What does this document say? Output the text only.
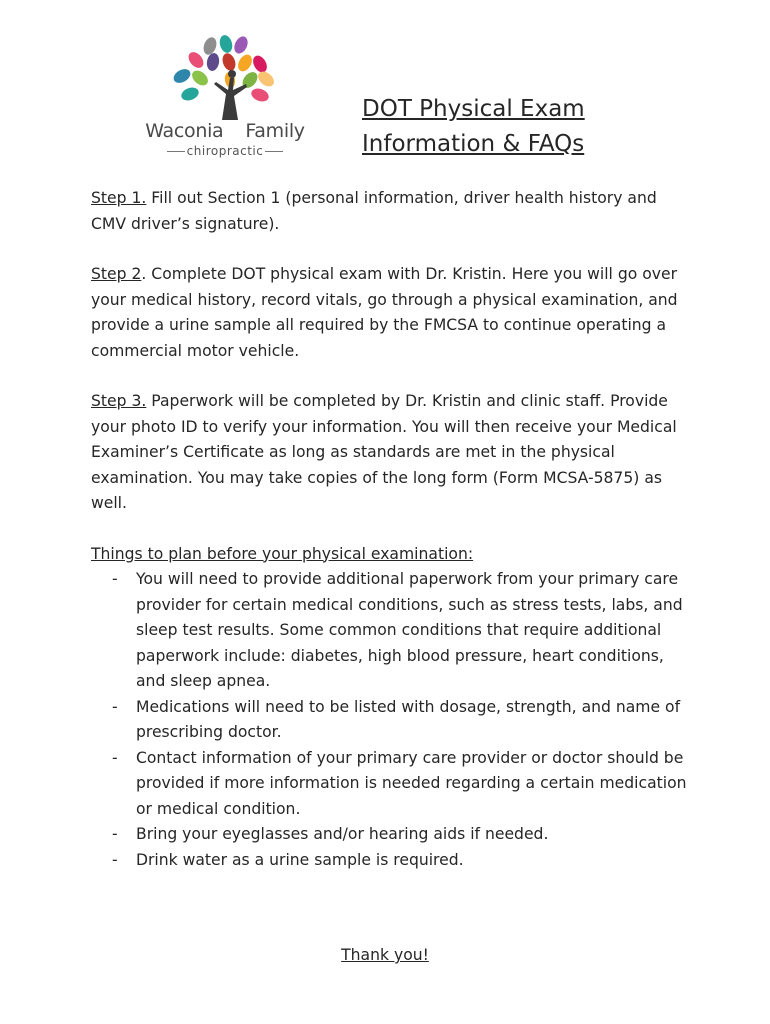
Waconia Family
chiropractic
DOT Physical Exam
Information & FAQs

Step 1. Fill out Section 1 (personal information, driver health history and CMV driver’s signature).

Step 2. Complete DOT physical exam with Dr. Kristin. Here you will go over your medical history, record vitals, go through a physical examination, and provide a urine sample all required by the FMCSA to continue operating a commercial motor vehicle.

Step 3. Paperwork will be completed by Dr. Kristin and clinic staff. Provide your photo ID to verify your information. You will then receive your Medical Examiner’s Certificate as long as standards are met in the physical examination. You may take copies of the long form (Form MCSA-5875) as well.

Things to plan before your physical examination:

- You will need to provide additional paperwork from your primary care provider for certain medical conditions, such as stress tests, labs, and sleep test results. Some common conditions that require additional paperwork include: diabetes, high blood pressure, heart conditions, and sleep apnea.
- Medications will need to be listed with dosage, strength, and name of prescribing doctor.
- Contact information of your primary care provider or doctor should be provided if more information is needed regarding a certain medication or medical condition.
- Bring your eyeglasses and/or hearing aids if needed.
- Drink water as a urine sample is required.
Thank you!
